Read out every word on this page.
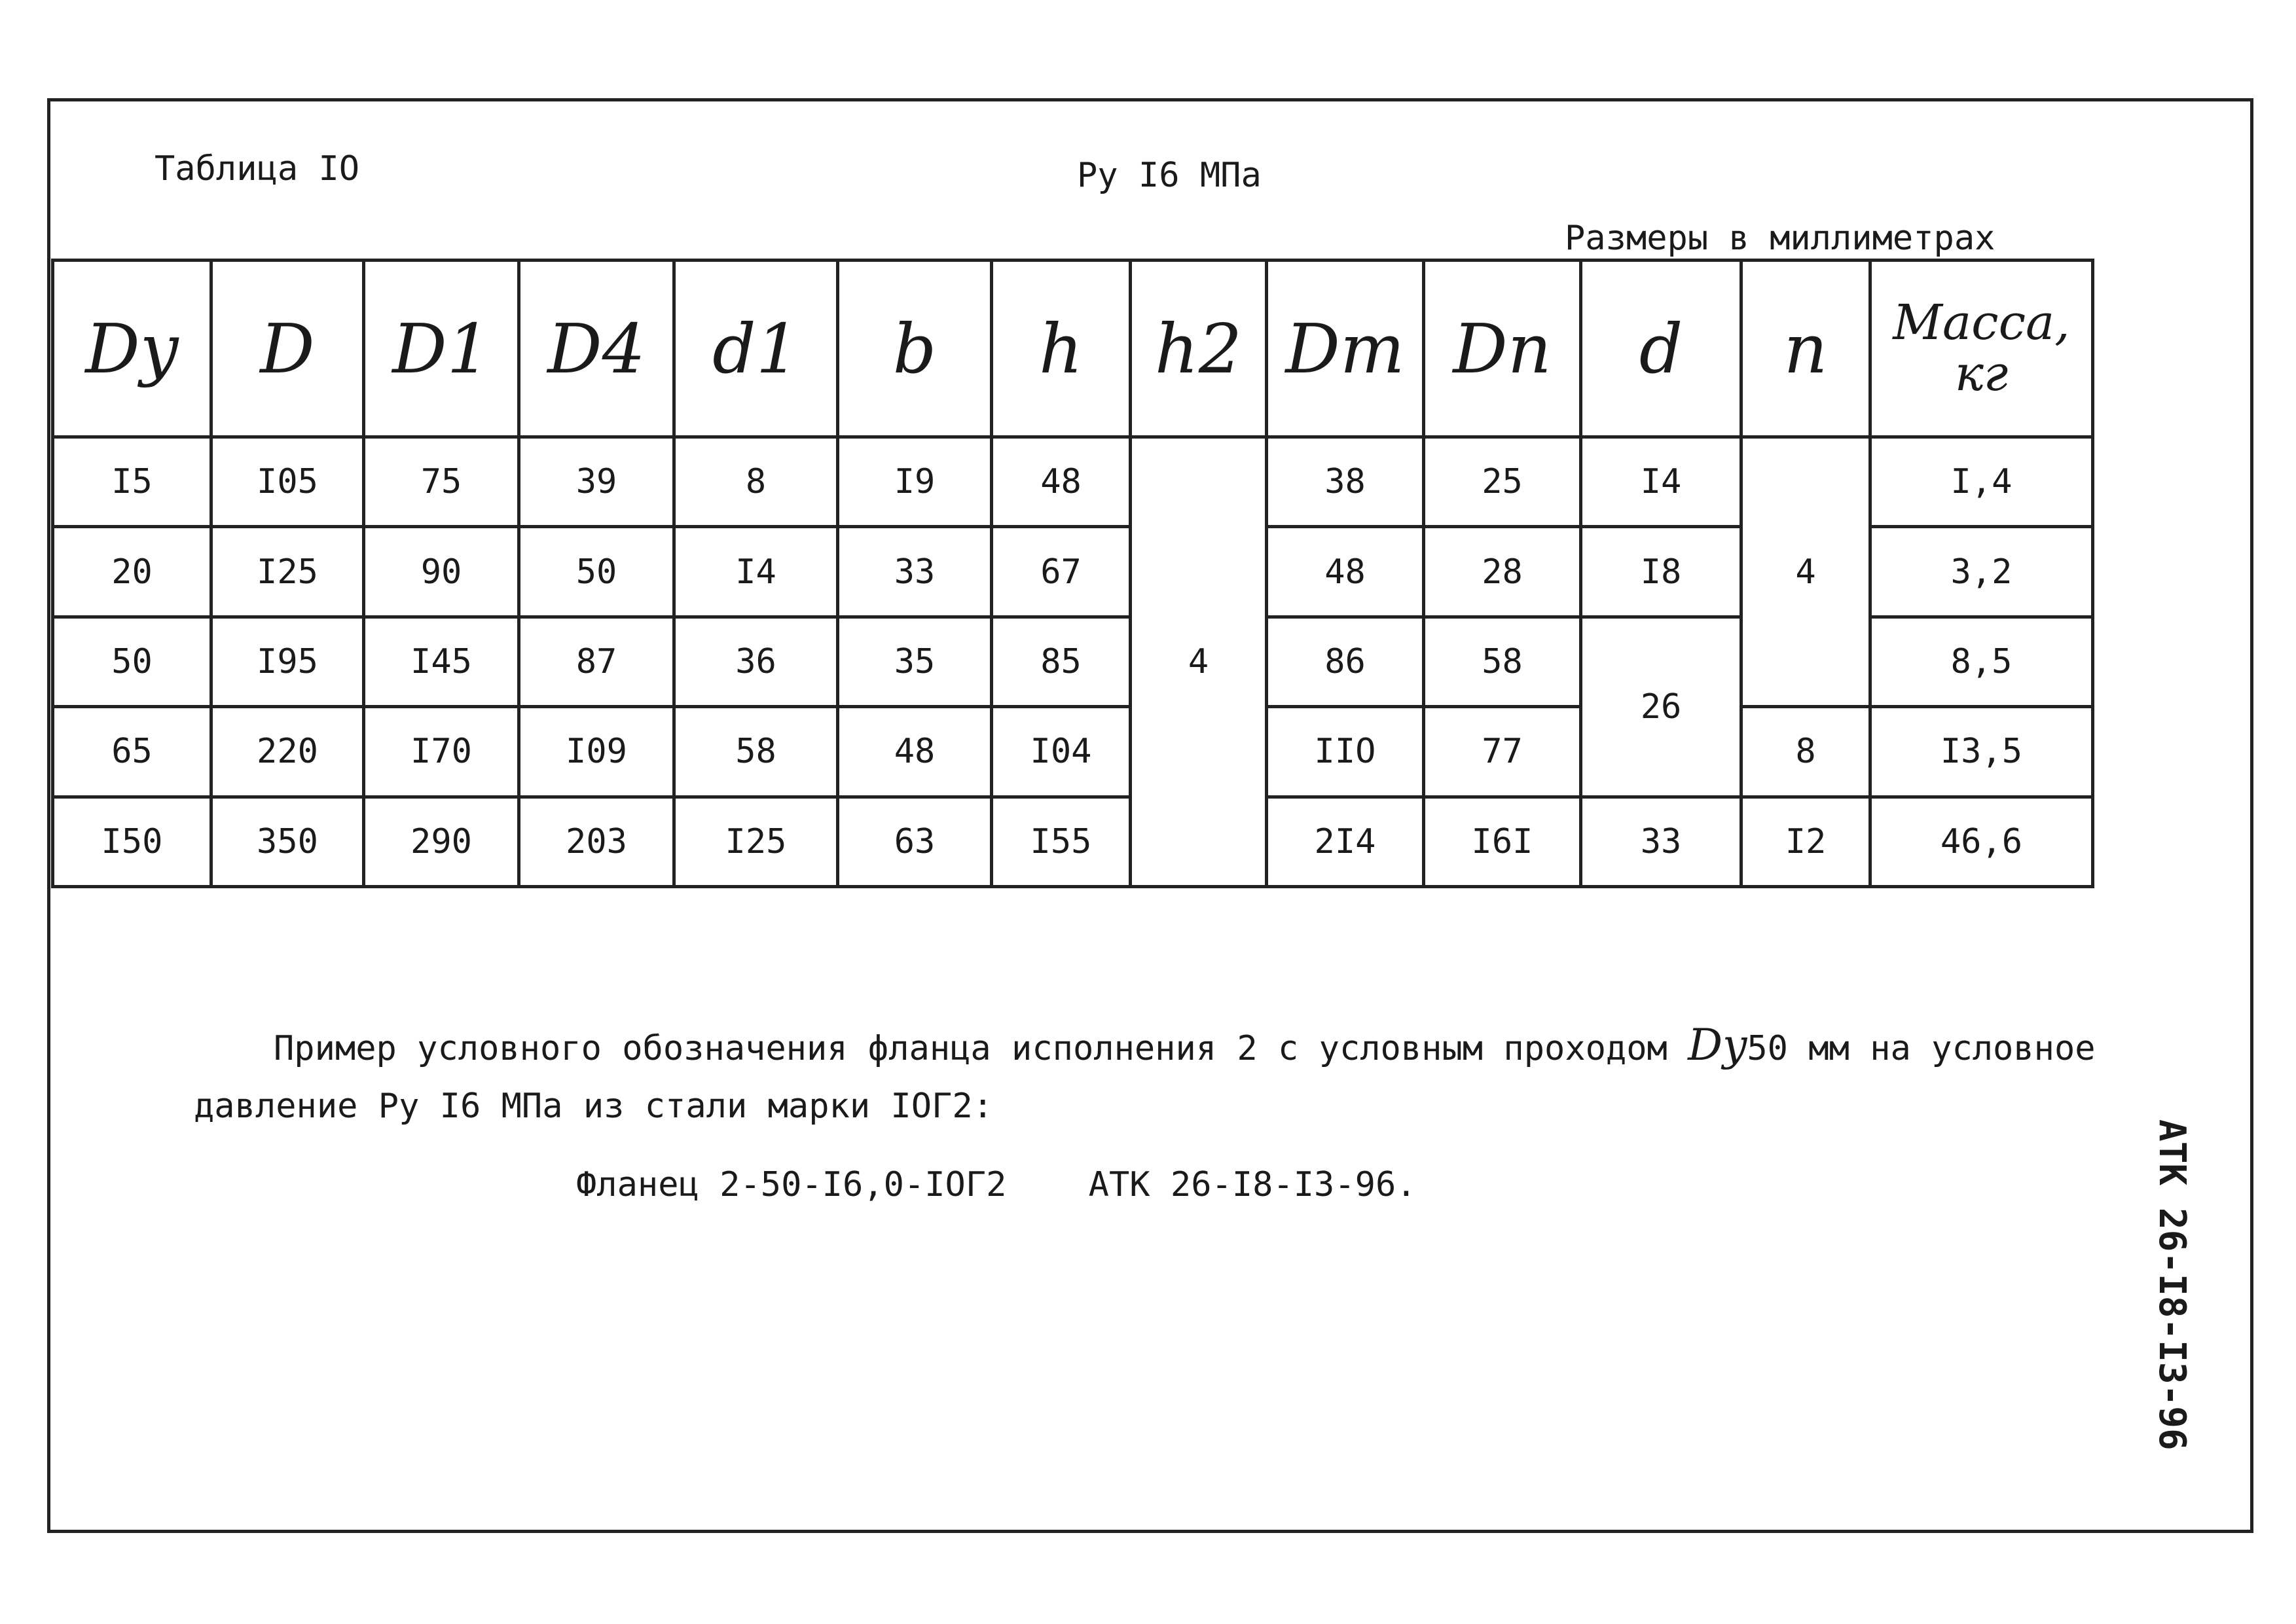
Таблица IO	Ру I6 МПа
Размеры в миллиметрах
Dy	D	D1	D4	d1	b	h	h2	Dm	Dn	d	n	Масса, кг
I5	I05	75	39	8	I9	48	4	38	25	I4	4	I,4
20	I25	90	50	I4	33	67		48	28	I8		3,2
50	I95	I45	87	36	35	85		86	58	26		8,5
65	220	I70	I09	58	48	I04		IIO	77		8	I3,5
I50	350	290	203	I25	63	I55		2I4	I6I	33	I2	46,6
Пример условного обозначения фланца исполнения 2 с условным проходом Dy50 мм на условное
давление Ру I6 МПа из стали марки IOГ2:
Фланец 2-50-I6,0-IOГ2    АТК 26-I8-I3-96.	АТК 26-I8-I3-96
